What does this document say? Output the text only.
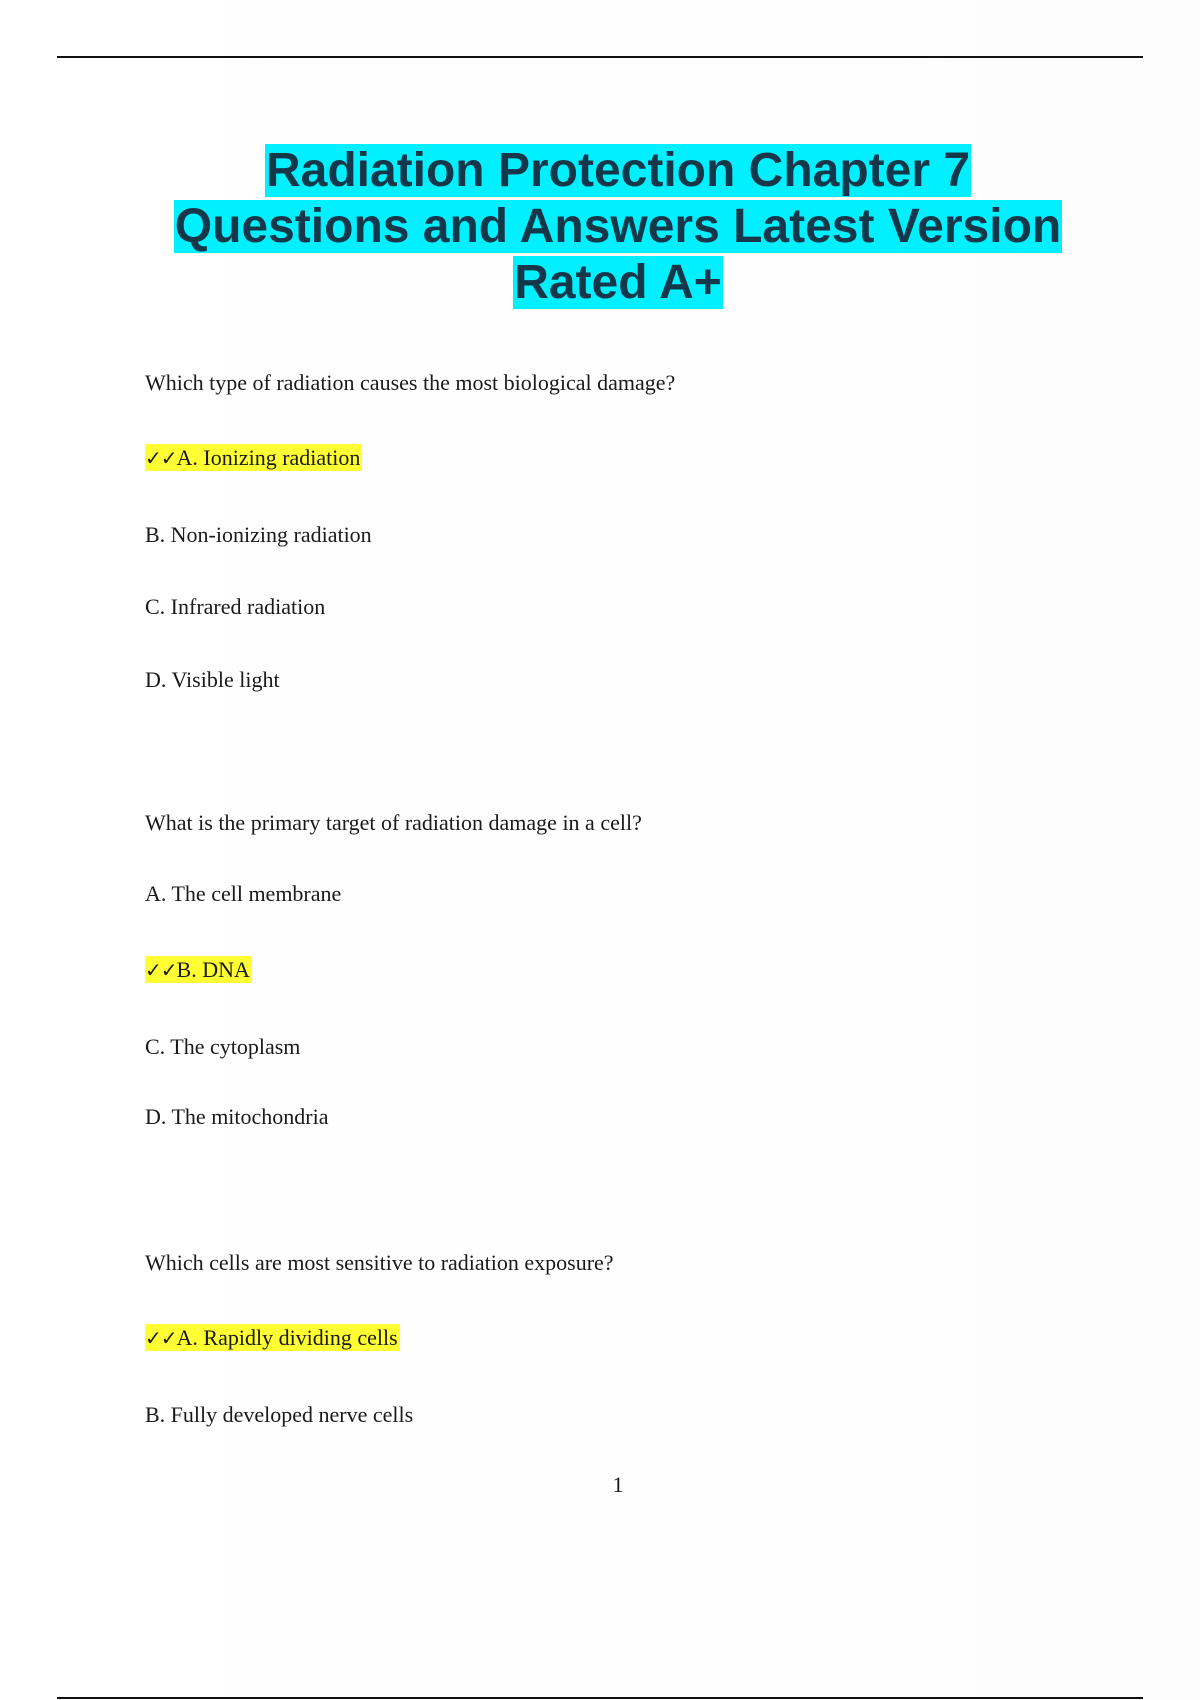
Radiation Protection Chapter 7
Questions and Answers Latest Version
Rated A+
Which type of radiation causes the most biological damage?
✓✓A. Ionizing radiation
B. Non-ionizing radiation
C. Infrared radiation
D. Visible light
What is the primary target of radiation damage in a cell?
A. The cell membrane
✓✓B. DNA
C. The cytoplasm
D. The mitochondria
Which cells are most sensitive to radiation exposure?
✓✓A. Rapidly dividing cells
B. Fully developed nerve cells
1
